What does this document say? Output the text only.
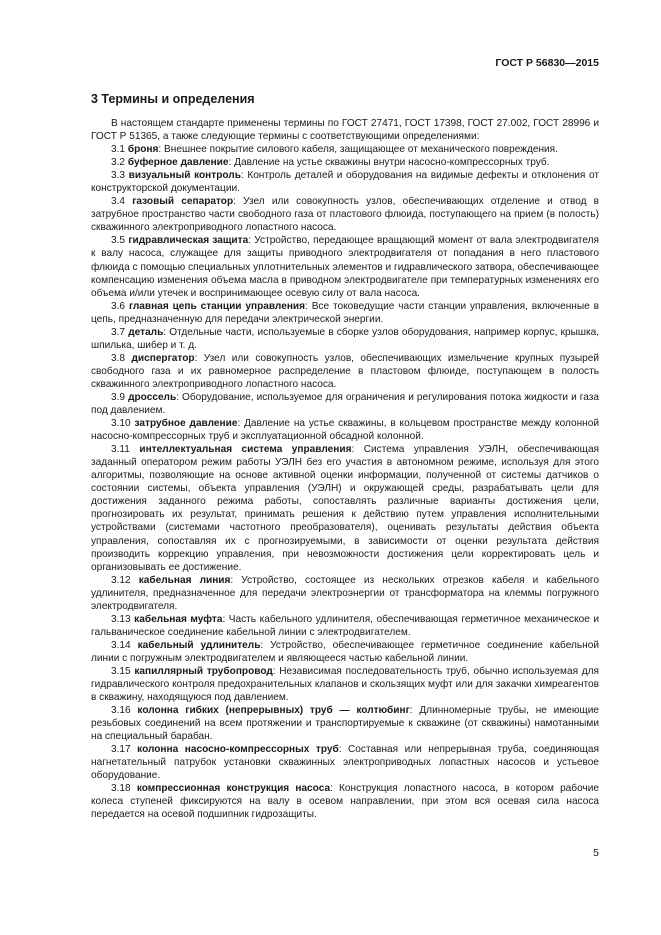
ГОСТ Р 56830—2015
3 Термины и определения

В настоящем стандарте применены термины по ГОСТ 27471, ГОСТ 17398, ГОСТ 27.002, ГОСТ 28996 и ГОСТ Р 51365, а также следующие термины с соответствующими определениями:

3.1 броня: Внешнее покрытие силового кабеля, защищающее от механического повреждения.

3.2 буферное давление: Давление на устье скважины внутри насосно-компрессорных труб.

3.3 визуальный контроль: Контроль деталей и оборудования на видимые дефекты и отклонения от конструкторской документации.

3.4 газовый сепаратор: Узел или совокупность узлов, обеспечивающих отделение и отвод в затрубное пространство части свободного газа от пластового флюида, поступающего на прием (в полость) скважинного электроприводного лопастного насоса.

3.5 гидравлическая защита: Устройство, передающее вращающий момент от вала электродвигателя к валу насоса, служащее для защиты приводного электродвигателя от попадания в него пластового флюида с помощью специальных уплотнительных элементов и гидравлического затвора, обеспечивающее компенсацию изменения объема масла в приводном электродвигателе при температурных изменениях его объема и/или утечек и воспринимающее осевую силу от вала насоса.

3.6 главная цепь станции управления: Все токоведущие части станции управления, включенные в цепь, предназначенную для передачи электрической энергии.

3.7 деталь: Отдельные части, используемые в сборке узлов оборудования, например корпус, крышка, шпилька, шибер и т. д.

3.8 диспергатор: Узел или совокупность узлов, обеспечивающих измельчение крупных пузырей свободного газа и их равномерное распределение в пластовом флюиде, поступающем в полость скважинного электроприводного лопастного насоса.

3.9 дроссель: Оборудование, используемое для ограничения и регулирования потока жидкости и газа под давлением.

3.10 затрубное давление: Давление на устье скважины, в кольцевом пространстве между колонной насосно-компрессорных труб и эксплуатационной обсадной колонной.

3.11 интеллектуальная система управления: Система управления УЭЛН, обеспечивающая заданный оператором режим работы УЭЛН без его участия в автономном режиме, используя для этого алгоритмы, позволяющие на основе активной оценки информации, полученной от системы датчиков о состоянии системы, объекта управления (УЭЛН) и окружающей среды, разрабатывать цели для достижения заданного режима работы, сопоставлять различные варианты достижения цели, прогнозировать их результат, принимать решения к действию путем управления исполнительными устройствами (системами частотного преобразователя), оценивать результаты действия объекта управления, сопоставляя их с прогнозируемыми, в зависимости от оценки результата действия производить коррекцию управления, при невозможности достижения цели корректировать цель и организовывать ее достижение.

3.12 кабельная линия: Устройство, состоящее из нескольких отрезков кабеля и кабельного удлинителя, предназначенное для передачи электроэнергии от трансформатора на клеммы погружного электродвигателя.

3.13 кабельная муфта: Часть кабельного удлинителя, обеспечивающая герметичное механическое и гальваническое соединение кабельной линии с электродвигателем.

3.14 кабельный удлинитель: Устройство, обеспечивающее герметичное соединение кабельной линии с погружным электродвигателем и являющееся частью кабельной линии.

3.15 капиллярный трубопровод: Независимая последовательность труб, обычно используемая для гидравлического контроля предохранительных клапанов и скользящих муфт или для закачки химреагентов в скважину, находящуюся под давлением.

3.16 колонна гибких (непрерывных) труб — колтюбинг: Длинномерные трубы, не имеющие резьбовых соединений на всем протяжении и транспортируемые к скважине (от скважины) намотанными на специальный барабан.

3.17 колонна насосно-компрессорных труб: Составная или непрерывная труба, соединяющая нагнетательный патрубок установки скважинных электроприводных лопастных насосов и устьевое оборудование.

3.18 компрессионная конструкция насоса: Конструкция лопастного насоса, в котором рабочие колеса ступеней фиксируются на валу в осевом направлении, при этом вся осевая сила насоса передается на осевой подшипник гидрозащиты.

5
